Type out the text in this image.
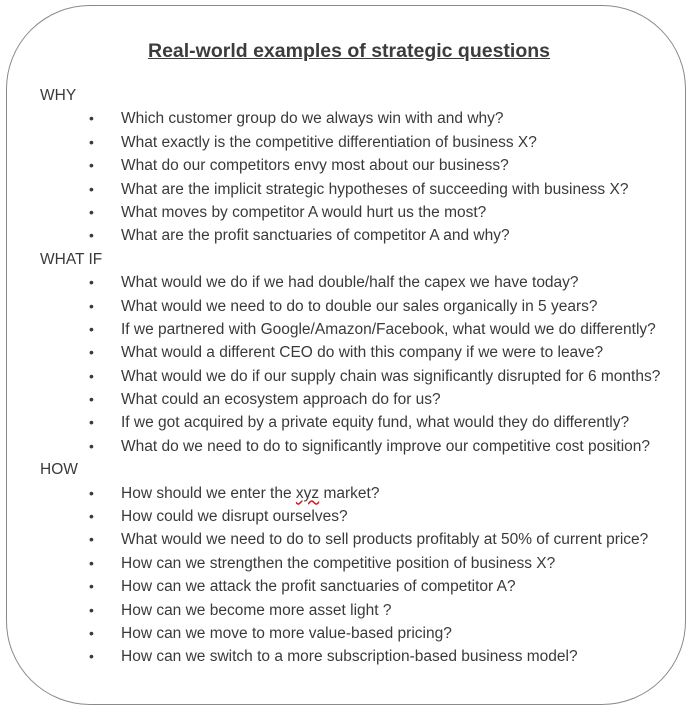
Real-world examples of strategic questions
WHY
• Which customer group do we always win with and why?
• What exactly is the competitive differentiation of business X?
• What do our competitors envy most about our business?
• What are the implicit strategic hypotheses of succeeding with business X?
• What moves by competitor A would hurt us the most?
• What are the profit sanctuaries of competitor A and why?
WHAT IF
• What would we do if we had double/half the capex we have today?
• What would we need to do to double our sales organically in 5 years?
• If we partnered with Google/Amazon/Facebook, what would we do differently?
• What would a different CEO do with this company if we were to leave?
• What would we do if our supply chain was significantly disrupted for 6 months?
• What could an ecosystem approach do for us?
• If we got acquired by a private equity fund, what would they do differently?
• What do we need to do to significantly improve our competitive cost position?
HOW
• How should we enter the xyz market?
• How could we disrupt ourselves?
• What would we need to do to sell products profitably at 50% of current price?
• How can we strengthen the competitive position of business X?
• How can we attack the profit sanctuaries of competitor A?
• How can we become more asset light ?
• How can we move to more value-based pricing?
• How can we switch to a more subscription-based business model?
